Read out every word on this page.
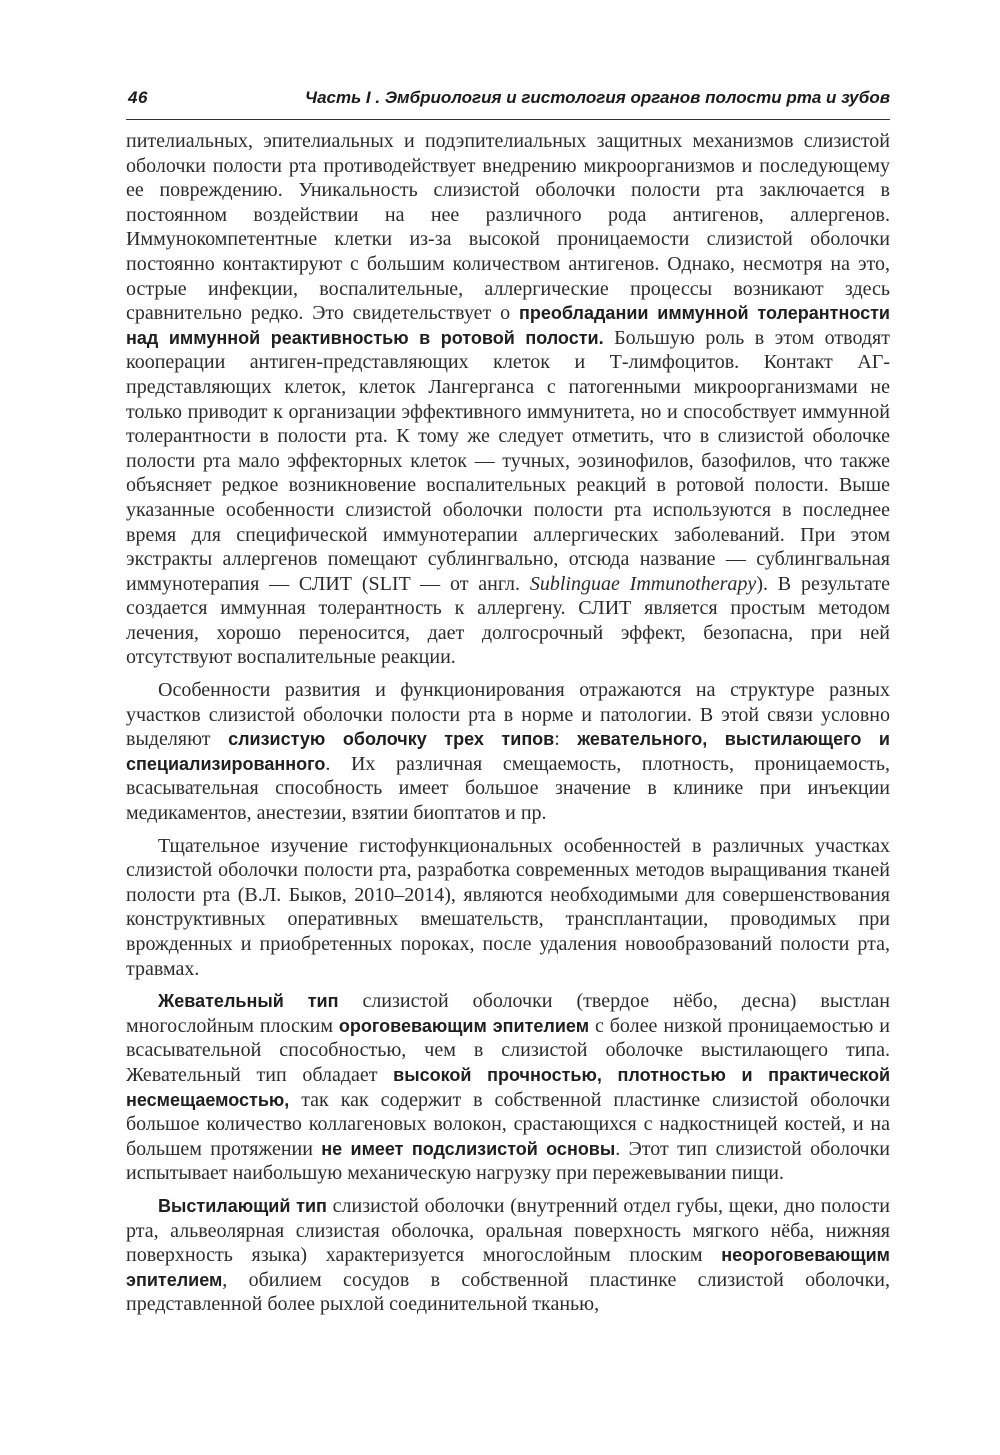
46	Часть I . Эмбриология и гистология органов полости рта и зубов

пителиальных, эпителиальных и подэпителиальных защитных механизмов слизистой оболочки полости рта противодействует внедрению микроорганизмов и последующему ее повреждению. Уникальность слизистой оболочки полости рта заключается в постоянном воздействии на нее различного рода антигенов, аллергенов. Иммунокомпетентные клетки из-за высокой проницаемости слизистой оболочки постоянно контактируют с большим количеством антигенов. Однако, несмотря на это, острые инфекции, воспалительные, аллергические процессы возникают здесь сравнительно редко. Это свидетельствует о преобладании иммунной толерантности над иммунной реактивностью в ротовой полости. Большую роль в этом отводят кооперации антиген-представляющих клеток и Т-лимфоцитов. Контакт АГ-представляющих клеток, клеток Лангерганса с патогенными микроорганизмами не только приводит к организации эффективного иммунитета, но и способствует иммунной толерантности в полости рта. К тому же следует отметить, что в слизистой оболочке полости рта мало эффекторных клеток — тучных, эозинофилов, базофилов, что также объясняет редкое возникновение воспалительных реакций в ротовой полости. Выше указанные особенности слизистой оболочки полости рта используются в последнее время для специфической иммунотерапии аллергических заболеваний. При этом экстракты аллергенов помещают сублингвально, отсюда название — сублингвальная иммунотерапия — СЛИТ (SLIT — от англ. Sublinguae Immunotherapy). В результате создается иммунная толерантность к аллергену. СЛИТ является простым методом лечения, хорошо переносится, дает долгосрочный эффект, безопасна, при ней отсутствуют воспалительные реакции.

Особенности развития и функционирования отражаются на структуре разных участков слизистой оболочки полости рта в норме и патологии. В этой связи условно выделяют слизистую оболочку трех типов: жевательного, выстилающего и специализированного. Их различная смещаемость, плотность, проницаемость, всасывательная способность имеет большое значение в клинике при инъекции медикаментов, анестезии, взятии биоптатов и пр.

Тщательное изучение гистофункциональных особенностей в различных участках слизистой оболочки полости рта, разработка современных методов выращивания тканей полости рта (В.Л. Быков, 2010–2014), являются необходимыми для совершенствования конструктивных оперативных вмешательств, трансплантации, проводимых при врожденных и приобретенных пороках, после удаления новообразований полости рта, травмах.

Жевательный тип слизистой оболочки (твердое нёбо, десна) выстлан многослойным плоским ороговевающим эпителием с более низкой проницаемостью и всасывательной способностью, чем в слизистой оболочке выстилающего типа. Жевательный тип обладает высокой прочностью, плотностью и практической несмещаемостью, так как содержит в собственной пластинке слизистой оболочки большое количество коллагеновых волокон, срастающихся с надкостницей костей, и на большем протяжении не имеет подслизистой основы. Этот тип слизистой оболочки испытывает наибольшую механическую нагрузку при пережевывании пищи.

Выстилающий тип слизистой оболочки (внутренний отдел губы, щеки, дно полости рта, альвеолярная слизистая оболочка, оральная поверхность мягкого нёба, нижняя поверхность языка) характеризуется многослойным плоским неороговевающим эпителием, обилием сосудов в собственной пластинке слизистой оболочки, представленной более рыхлой соединительной тканью,
